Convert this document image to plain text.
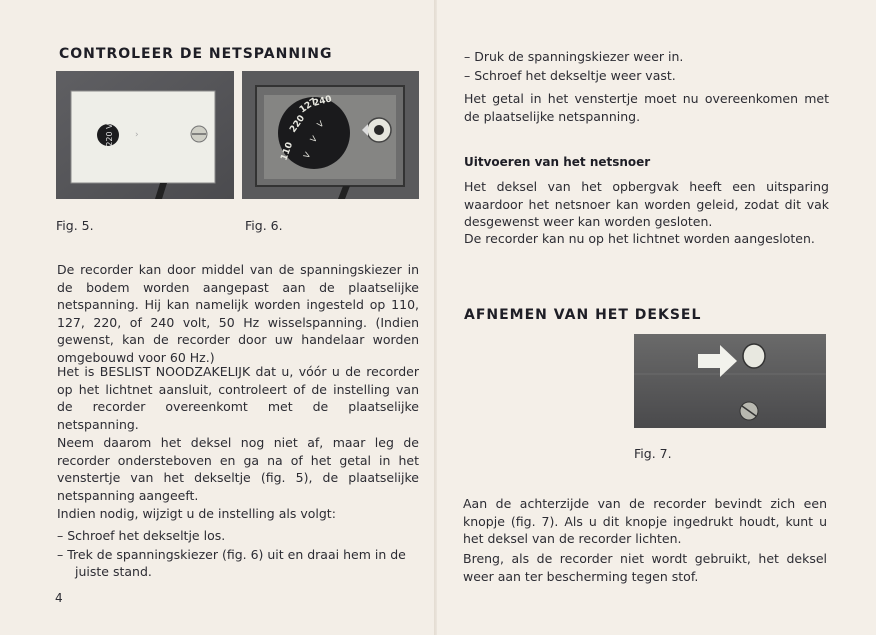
CONTROLEER DE NETSPANNING
220 V ›
110
220
127
240
V
V
V
Fig. 5.	Fig. 6.

De recorder kan door middel van de spanningskiezer in de bodem worden aangepast aan de plaatselijke netspanning. Hij kan namelijk worden ingesteld op 110, 127, 220, of 240 volt, 50 Hz wisselspanning. (Indien gewenst, kan de recorder door uw handelaar worden omgebouwd voor 60 Hz.)

Het is BESLIST NOODZAKELIJK dat u, vóór u de recorder op het lichtnet aansluit, controleert of de instelling van de recorder overeenkomt met de plaatselijke netspanning.

Neem daarom het deksel nog niet af, maar leg de recorder ondersteboven en ga na of het getal in het venstertje van het dekseltje (fig. 5), de plaatselijke netspanning aangeeft.

Indien nodig, wijzigt u de instelling als volgt:

– Schroef het dekseltje los.
– Trek de spanningskiezer (fig. 6) uit en draai hem in de juiste stand.
4
– Druk de spanningskiezer weer in.
– Schroef het dekseltje weer vast.

Het getal in het venstertje moet nu overeenkomen met de plaatselijke netspanning.

Uitvoeren van het netsnoer

Het deksel van het opbergvak heeft een uitsparing waardoor het netsnoer kan worden geleid, zodat dit vak desgewenst weer kan worden gesloten.

De recorder kan nu op het lichtnet worden aangesloten.

AFNEMEN VAN HET DEKSEL
Fig. 7.

Aan de achterzijde van de recorder bevindt zich een knopje (fig. 7). Als u dit knopje ingedrukt houdt, kunt u het deksel van de recorder lichten.

Breng, als de recorder niet wordt gebruikt, het deksel weer aan ter bescherming tegen stof.
